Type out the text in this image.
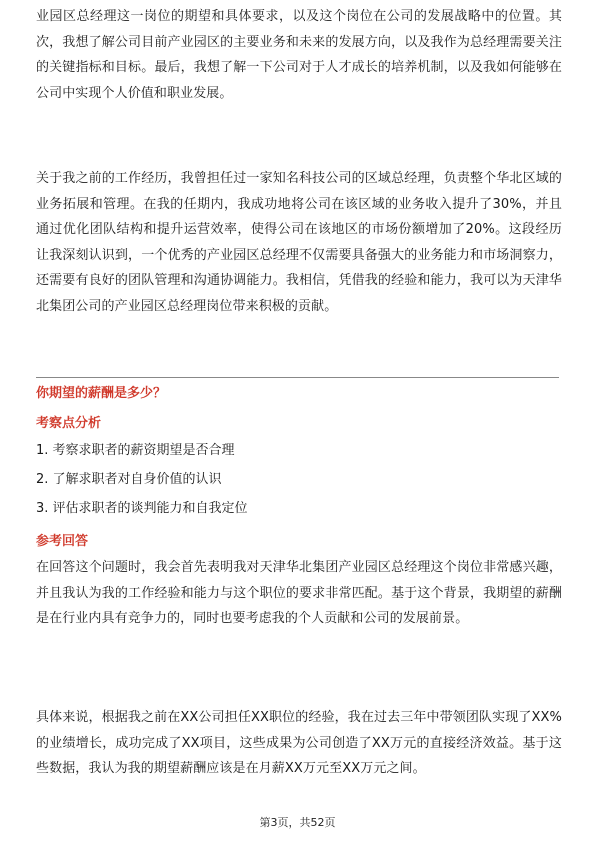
业园区总经理这一岗位的期望和具体要求，以及这个岗位在公司的发展战略中的位置。其次，我想了解公司目前产业园区的主要业务和未来的发展方向，以及我作为总经理需要关注的关键指标和目标。最后，我想了解一下公司对于人才成长的培养机制，以及我如何能够在公司中实现个人价值和职业发展。

关于我之前的工作经历，我曾担任过一家知名科技公司的区域总经理，负责整个华北区域的业务拓展和管理。在我的任期内，我成功地将公司在该区域的业务收入提升了30%，并且通过优化团队结构和提升运营效率，使得公司在该地区的市场份额增加了20%。这段经历让我深刻认识到，一个优秀的产业园区总经理不仅需要具备强大的业务能力和市场洞察力，还需要有良好的团队管理和沟通协调能力。我相信，凭借我的经验和能力，我可以为天津华北集团公司的产业园区总经理岗位带来积极的贡献。

你期望的薪酬是多少？

考察点分析

1. 考察求职者的薪资期望是否合理

2. 了解求职者对自身价值的认识

3. 评估求职者的谈判能力和自我定位

参考回答

在回答这个问题时，我会首先表明我对天津华北集团产业园区总经理这个岗位非常感兴趣，并且我认为我的工作经验和能力与这个职位的要求非常匹配。基于这个背景，我期望的薪酬是在行业内具有竞争力的，同时也要考虑我的个人贡献和公司的发展前景。

具体来说，根据我之前在XX公司担任XX职位的经验，我在过去三年中带领团队实现了XX%的业绩增长，成功完成了XX项目，这些成果为公司创造了XX万元的直接经济效益。基于这些数据，我认为我的期望薪酬应该是在月薪XX万元至XX万元之间。

第3页，共52页
